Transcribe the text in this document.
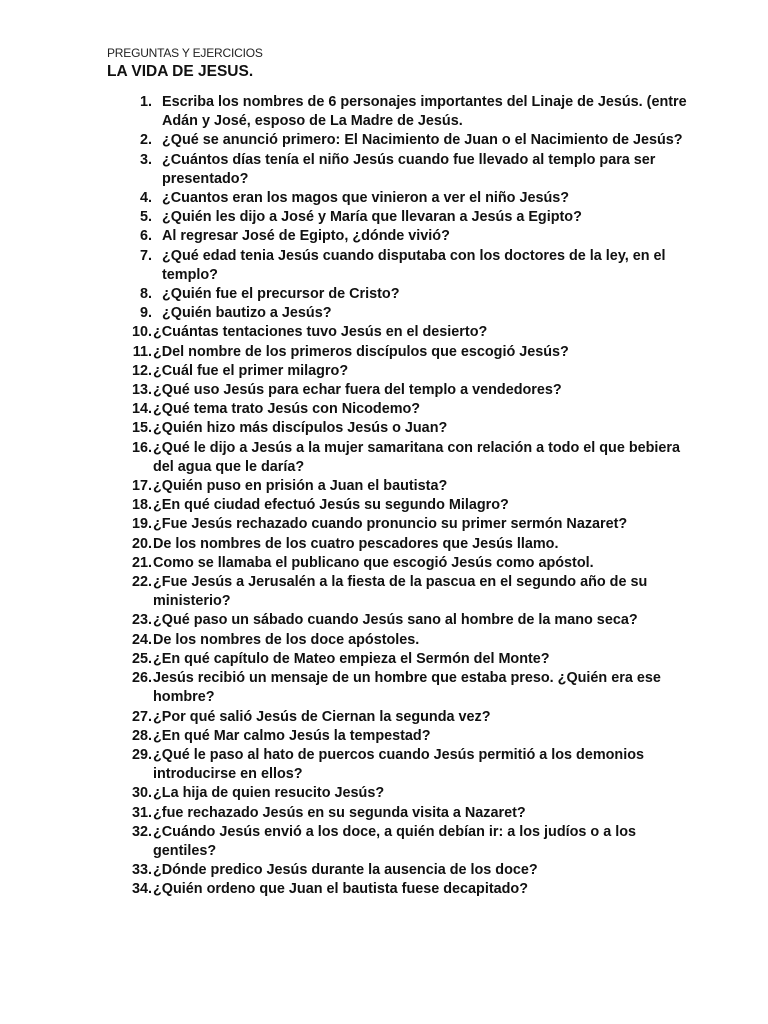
PREGUNTAS Y EJERCICIOS
LA VIDA DE JESUS.
1. Escriba los nombres de 6 personajes importantes del Linaje de Jesús. (entre Adán y José, esposo de La Madre de Jesús.
2. ¿Qué se anunció primero: El Nacimiento de Juan o el Nacimiento de Jesús?
3. ¿Cuántos días tenía el niño Jesús cuando fue llevado al templo para ser presentado?
4. ¿Cuantos eran los magos que vinieron a ver el niño Jesús?
5. ¿Quién les dijo a José y María que llevaran a Jesús a Egipto?
6. Al regresar José de Egipto, ¿dónde vivió?
7. ¿Qué edad tenia Jesús cuando disputaba con los doctores de la ley, en el templo?
8. ¿Quién fue el precursor de Cristo?
9. ¿Quién bautizo a Jesús?
10. ¿Cuántas tentaciones tuvo Jesús en el desierto?
11. ¿Del nombre de los primeros discípulos que escogió Jesús?
12. ¿Cuál fue el primer milagro?
13. ¿Qué uso Jesús para echar fuera del templo a vendedores?
14. ¿Qué tema trato Jesús con Nicodemo?
15. ¿Quién hizo más discípulos Jesús o Juan?
16. ¿Qué le dijo a Jesús a la mujer samaritana con relación a todo el que bebiera del agua que le daría?
17. ¿Quién puso en prisión a Juan el bautista?
18. ¿En qué ciudad efectuó Jesús su segundo Milagro?
19. ¿Fue Jesús rechazado cuando pronuncio su primer sermón Nazaret?
20. De los nombres de los cuatro pescadores que Jesús llamo.
21. Como se llamaba el publicano que escogió Jesús como apóstol.
22. ¿Fue Jesús a Jerusalén a la fiesta de la pascua en el segundo año de su ministerio?
23. ¿Qué paso un sábado cuando Jesús sano al hombre de la mano seca?
24. De los nombres de los doce apóstoles.
25. ¿En qué capítulo de Mateo empieza el Sermón del Monte?
26. Jesús recibió un mensaje de un hombre que estaba preso. ¿Quién era ese hombre?
27. ¿Por qué salió Jesús de Ciernan la segunda vez?
28. ¿En qué Mar calmo Jesús la tempestad?
29. ¿Qué le paso al hato de puercos cuando Jesús permitió a los demonios introducirse en ellos?
30. ¿La hija de quien resucito Jesús?
31. ¿fue rechazado Jesús en su segunda visita a Nazaret?
32. ¿Cuándo Jesús envió a los doce, a quién debían ir: a los judíos o a los gentiles?
33. ¿Dónde predico Jesús durante la ausencia de los doce?
34. ¿Quién ordeno que Juan el bautista fuese decapitado?
